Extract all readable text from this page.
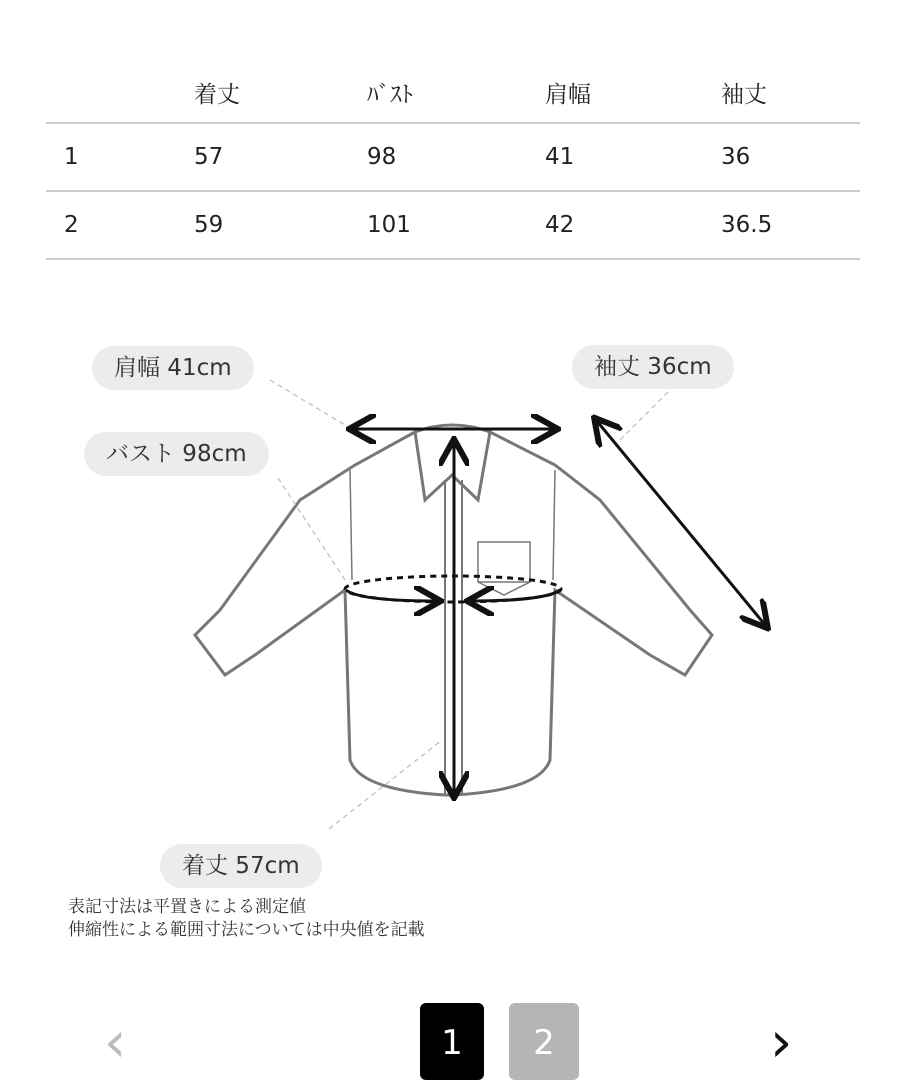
	着丈	ﾊﾞｽﾄ	肩幅	袖丈
1	57	98	41	36
2	59	101	42	36.5
肩幅 41cm	袖丈 36cm
バスト 98cm
着丈 57cm
表記寸法は平置きによる測定値
伸縮性による範囲寸法については中央値を記載
‹	1	2	›
